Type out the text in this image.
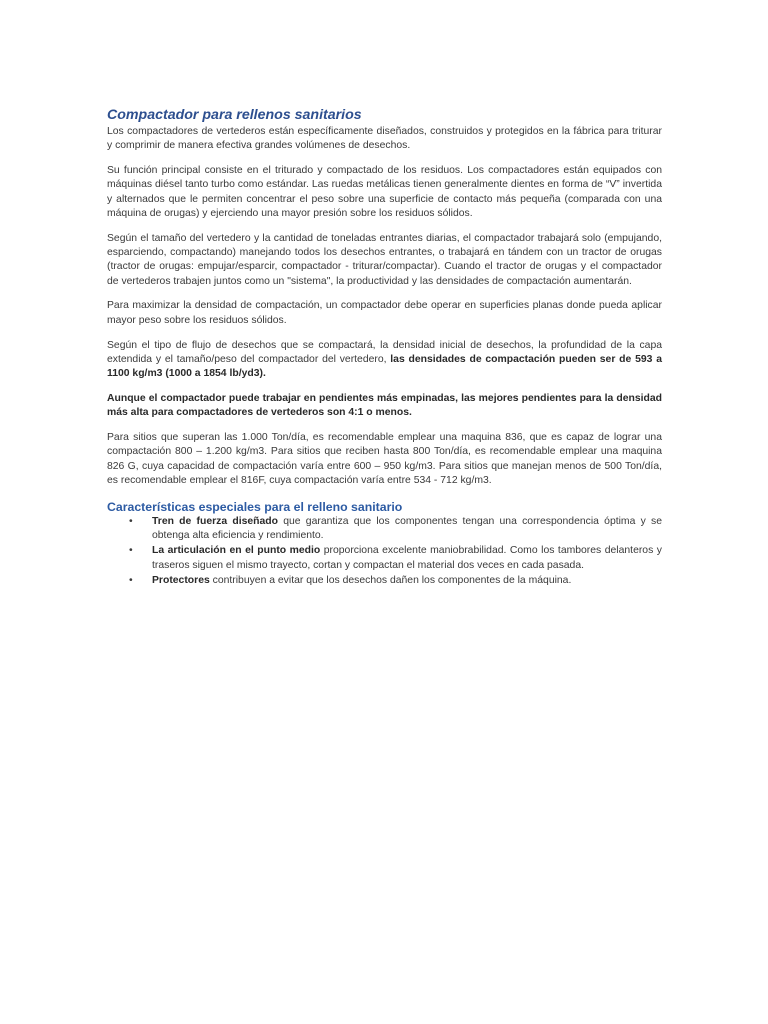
Compactador para rellenos sanitarios

Los compactadores de vertederos están específicamente diseñados, construidos y protegidos en la fábrica para triturar y comprimir de manera efectiva grandes volúmenes de desechos.

Su función principal consiste en el triturado y compactado de los residuos. Los compactadores están equipados con máquinas diésel tanto turbo como estándar. Las ruedas metálicas tienen generalmente dientes en forma de “V” invertida y alternados que le permiten concentrar el peso sobre una superficie de contacto más pequeña (comparada con una máquina de orugas) y ejerciendo una mayor presión sobre los residuos sólidos.

Según el tamaño del vertedero y la cantidad de toneladas entrantes diarias, el compactador trabajará solo (empujando, esparciendo, compactando) manejando todos los desechos entrantes, o trabajará en tándem con un tractor de orugas (tractor de orugas: empujar/esparcir, compactador - triturar/compactar). Cuando el tractor de orugas y el compactador de vertederos trabajen juntos como un "sistema", la productividad y las densidades de compactación aumentarán.

Para maximizar la densidad de compactación, un compactador debe operar en superficies planas donde pueda aplicar mayor peso sobre los residuos sólidos.

Según el tipo de flujo de desechos que se compactará, la densidad inicial de desechos, la profundidad de la capa extendida y el tamaño/peso del compactador del vertedero, las densidades de compactación pueden ser de 593 a 1100 kg/m3 (1000 a 1854 lb/yd3).

Aunque el compactador puede trabajar en pendientes más empinadas, las mejores pendientes para la densidad más alta para compactadores de vertederos son 4:1 o menos.

Para sitios que superan las 1.000 Ton/día, es recomendable emplear una maquina 836, que es capaz de lograr una compactación 800 – 1.200 kg/m3. Para sitios que reciben hasta 800 Ton/día, es recomendable emplear una maquina 826 G, cuya capacidad de compactación varía entre 600 – 950 kg/m3. Para sitios que manejan menos de 500 Ton/día, es recomendable emplear el 816F, cuya compactación varía entre 534 - 712 kg/m3.

Características especiales para el relleno sanitario
• Tren de fuerza diseñado que garantiza que los componentes tengan una correspondencia óptima y se obtenga alta eficiencia y rendimiento.
• La articulación en el punto medio proporciona excelente maniobrabilidad. Como los tambores delanteros y traseros siguen el mismo trayecto, cortan y compactan el material dos veces en cada pasada.
• Protectores contribuyen a evitar que los desechos dañen los componentes de la máquina.
